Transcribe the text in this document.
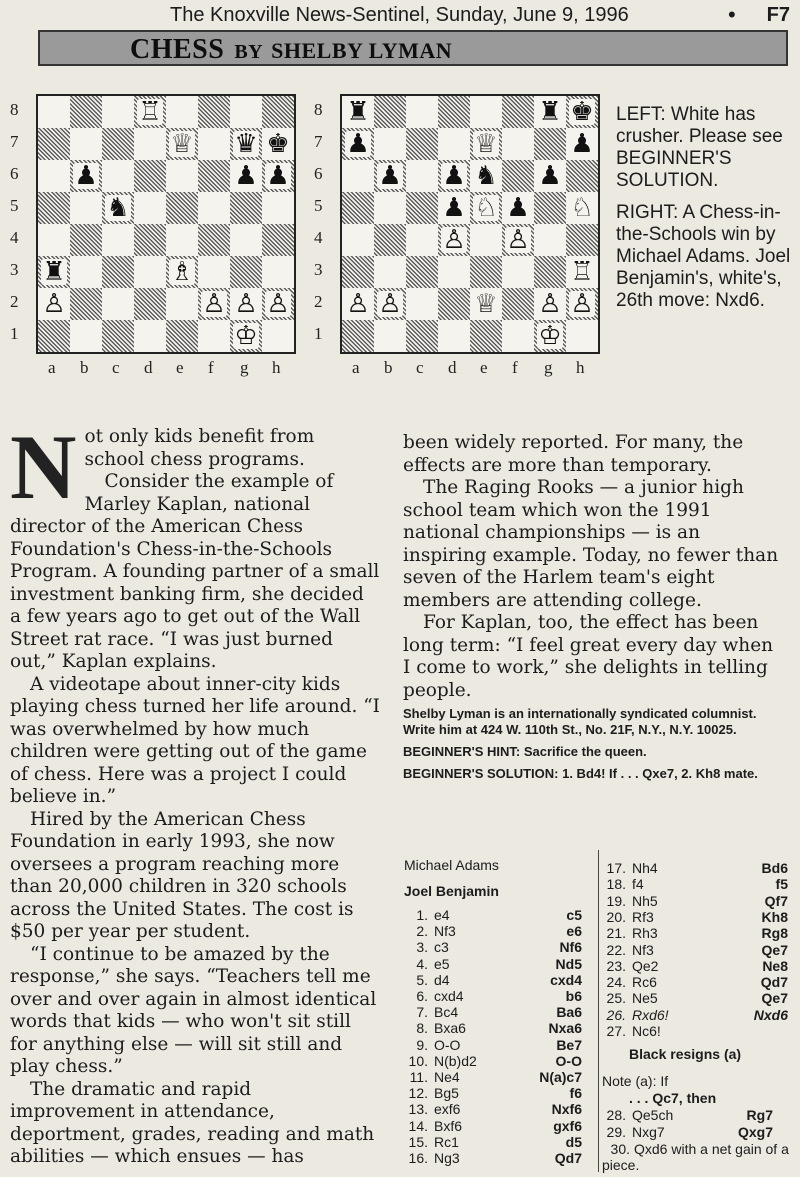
The Knoxville News-Sentinel, Sunday, June 9, 1996	• F7
CHESS BY SHELBY LYMAN
♖
♕ ♛ ♚
♟	♟ ♟
♞
♜	♗
♙	♙ ♙ ♙
♔
8
7
6
5
4
3
2
1
a b c d e f g h
♜	♜ ♚
♟	♕	♟
♟ ♟ ♞ ♟
♟ ♘ ♟ ♘
♙ ♙
♖
♙ ♙	♕ ♙ ♙
♔
8
7
6
5
4
3
2
1
a b c d e f g h

LEFT: White has crusher. Please see BEGINNER'S SOLUTION.

RIGHT: A Chess-in-the-Schools win by Michael Adams. Joel Benjamin's, white's, 26th move: Nxd6.

Not only kids benefit from school chess programs.

Consider the example of Marley Kaplan, national director of the American Chess Foundation's Chess-in-the-Schools Program. A founding partner of a small investment banking firm, she decided a few years ago to get out of the Wall Street rat race. “I was just burned out,” Kaplan explains.

A videotape about inner-city kids playing chess turned her life around. “I was overwhelmed by how much children were getting out of the game of chess. Here was a project I could believe in.”

Hired by the American Chess Foundation in early 1993, she now oversees a program reaching more than 20,000 children in 320 schools across the United States. The cost is $50 per year per student.

“I continue to be amazed by the response,” she says. “Teachers tell me over and over again in almost identical words that kids — who won't sit still for anything else — will sit still and play chess.”

The dramatic and rapid improvement in attendance, deportment, grades, reading and math abilities — which ensues — has

been widely reported. For many, the effects are more than temporary.

The Raging Rooks — a junior high school team which won the 1991 national championships — is an inspiring example. Today, no fewer than seven of the Harlem team's eight members are attending college.

For Kaplan, too, the effect has been long term: “I feel great every day when I come to work,” she delights in telling people.

Shelby Lyman is an internationally syndicated columnist. Write him at 424 W. 110th St., No. 21F, N.Y., N.Y. 10025.
BEGINNER'S HINT: Sacrifice the queen.
BEGINNER'S SOLUTION: 1. Bd4! If . . . Qxe7, 2. Kh8 mate.
Michael Adams
Joel Benjamin
1. e4	c5
2. Nf3	e6
3. c3	Nf6
4. e5	Nd5
5. d4	cxd4
6. cxd4	b6
7. Bc4	Ba6
8. Bxa6	Nxa6
9. O-O	Be7
10. N(b)d2	O-O
11. Ne4	N(a)c7
12. Bg5	f6
13. exf6	Nxf6
14. Bxf6	gxf6
15. Rc1	d5
16. Ng3	Qd7
17. Nh4	Bd6
18. f4	f5
19. Nh5	Qf7
20. Rf3	Kh8
21. Rh3	Rg8
22. Nf3	Qe7
23. Qe2	Ne8
24. Rc6	Qd7
25. Ne5	Qe7
26. Rxd6!	Nxd6
27. Nc6!
Black resigns (a)
Note (a): If
. . . Qc7, then
28. Qe5ch	Rg7
29. Nxg7	Qxg7
30. Qxd6 with a net gain of a piece.
